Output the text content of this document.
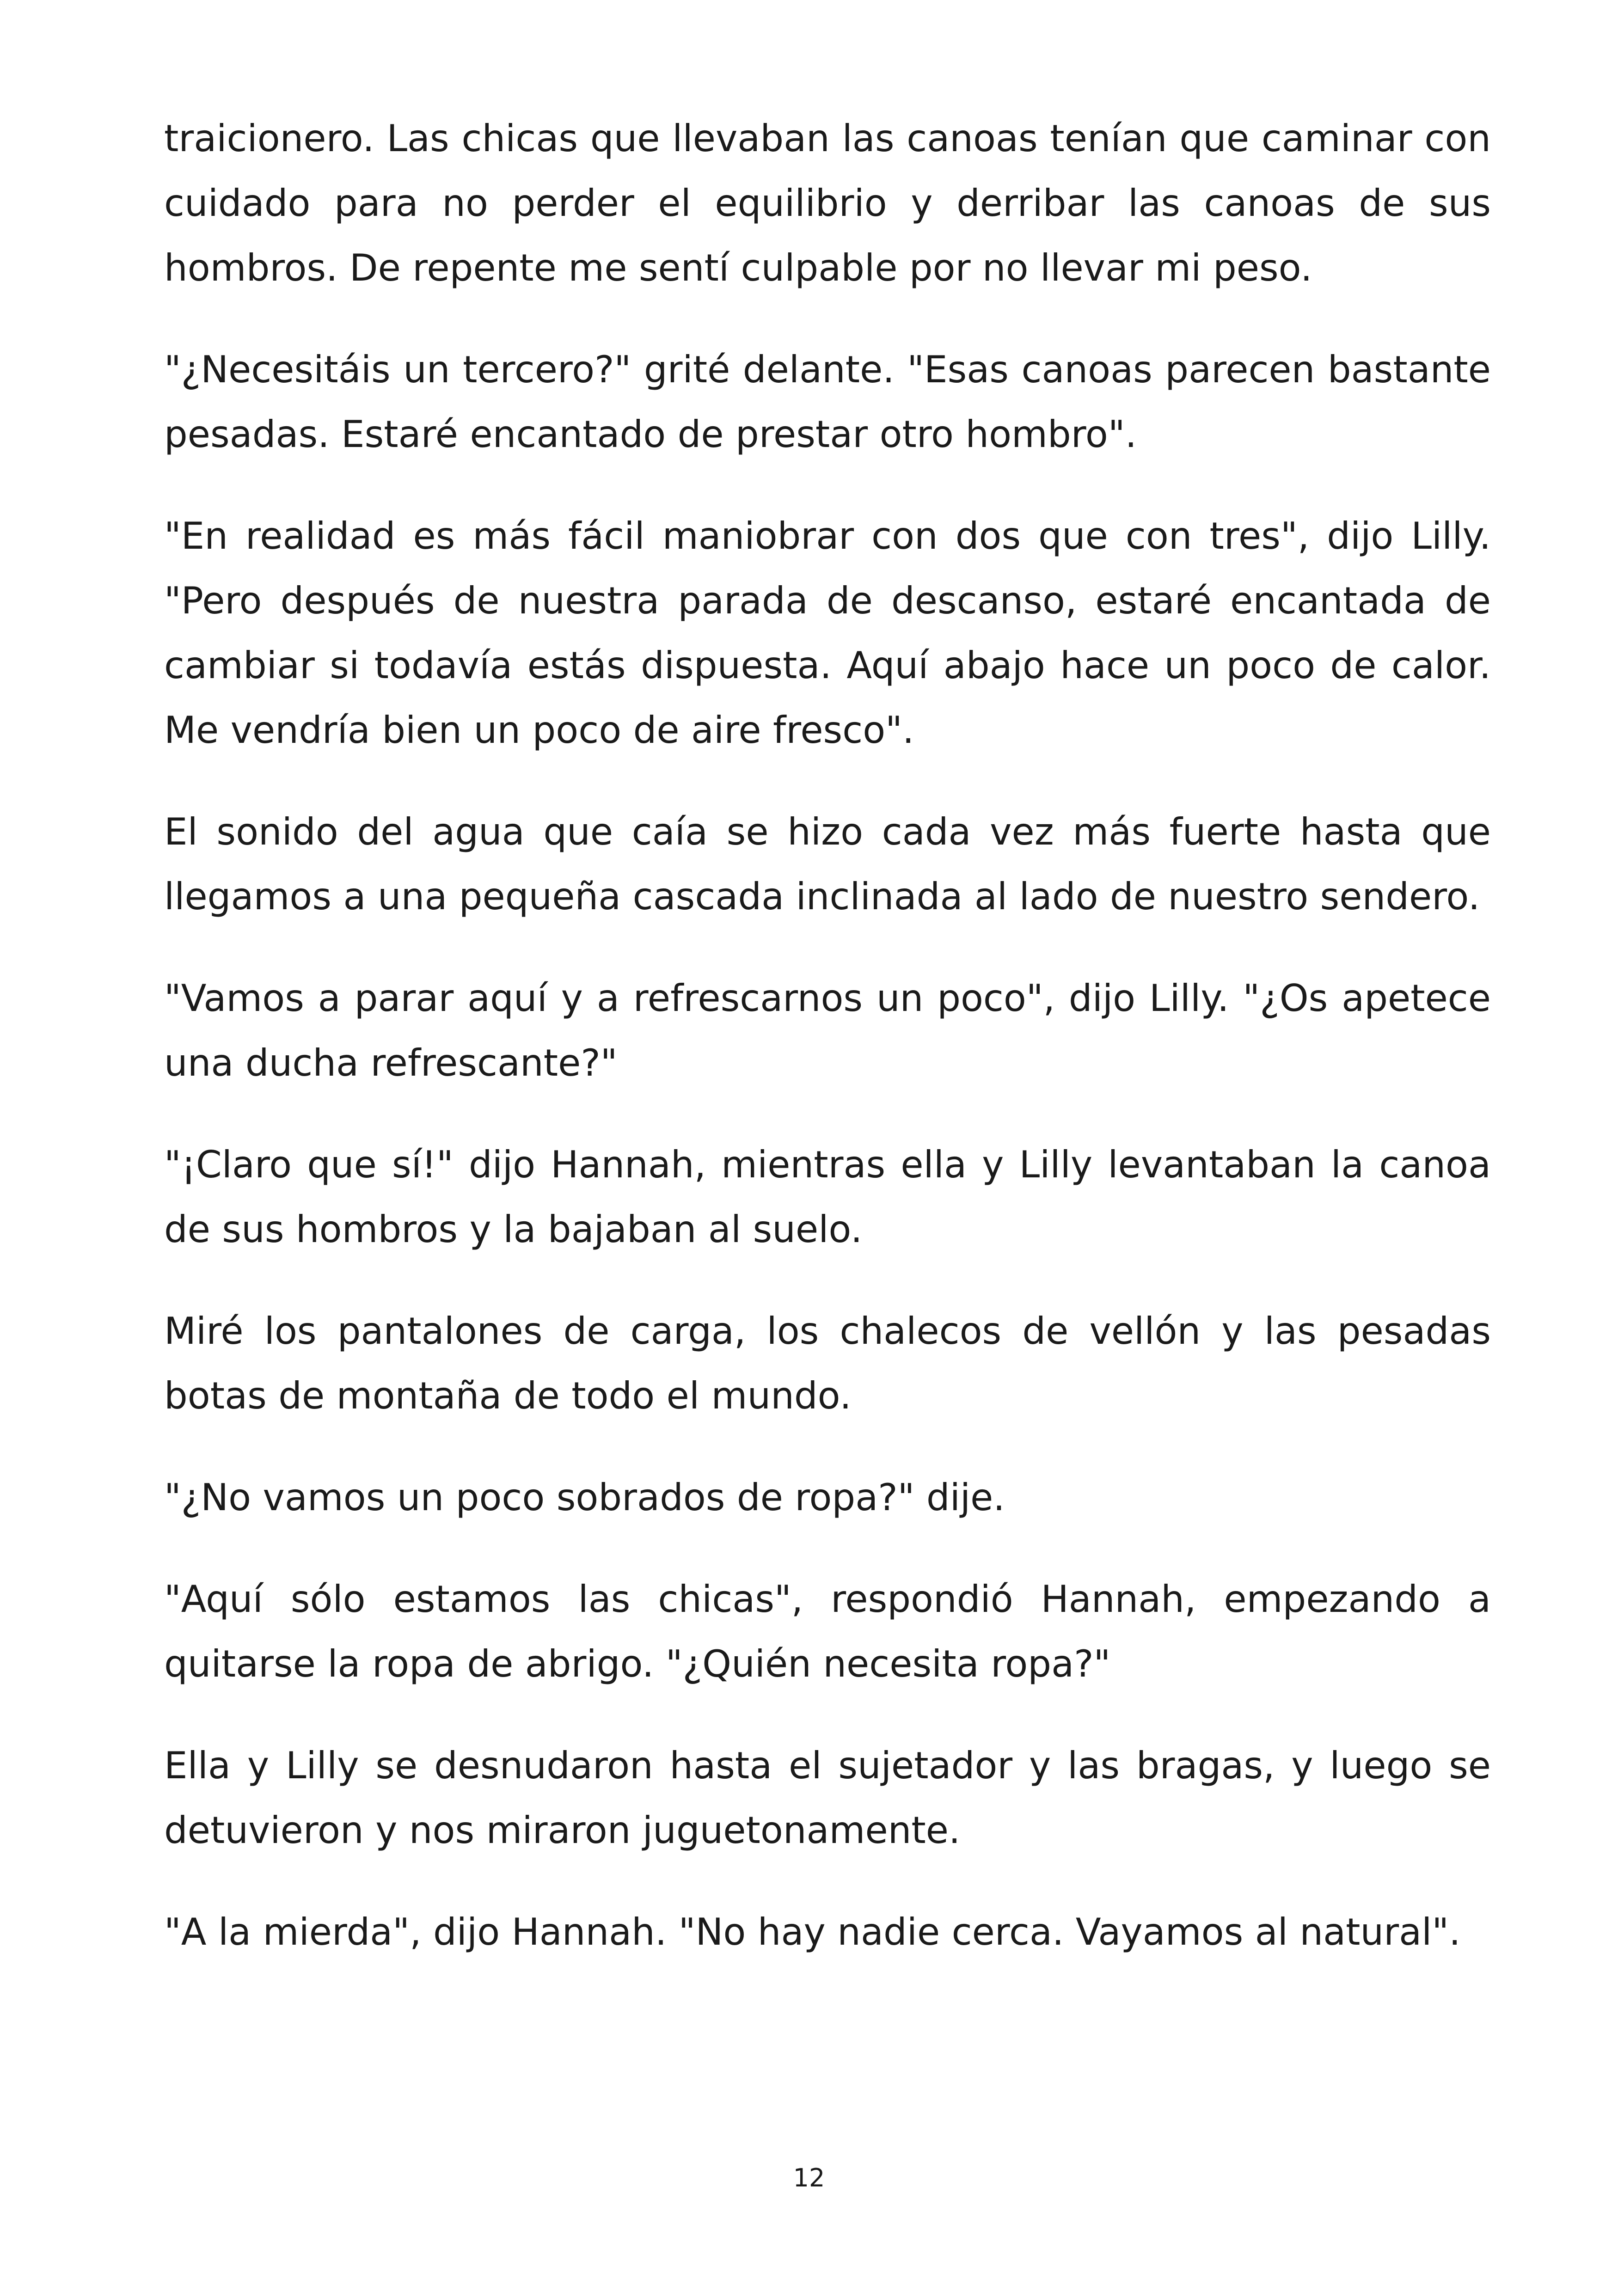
traicionero. Las chicas que llevaban las canoas tenían que caminar con cuidado para no perder el equilibrio y derribar las canoas de sus hombros. De repente me sentí culpable por no llevar mi peso.

"¿Necesitáis un tercero?" grité delante. "Esas canoas parecen bastante pesadas. Estaré encantado de prestar otro hombro".

"En realidad es más fácil maniobrar con dos que con tres", dijo Lilly. "Pero después de nuestra parada de descanso, estaré encantada de cambiar si todavía estás dispuesta. Aquí abajo hace un poco de calor. Me vendría bien un poco de aire fresco".

El sonido del agua que caía se hizo cada vez más fuerte hasta que llegamos a una pequeña cascada inclinada al lado de nuestro sendero.

"Vamos a parar aquí y a refrescarnos un poco", dijo Lilly. "¿Os apetece una ducha refrescante?"

"¡Claro que sí!" dijo Hannah, mientras ella y Lilly levantaban la canoa de sus hombros y la bajaban al suelo.

Miré los pantalones de carga, los chalecos de vellón y las pesadas botas de montaña de todo el mundo.

"¿No vamos un poco sobrados de ropa?" dije.

"Aquí sólo estamos las chicas", respondió Hannah, empezando a quitarse la ropa de abrigo. "¿Quién necesita ropa?"

Ella y Lilly se desnudaron hasta el sujetador y las bragas, y luego se detuvieron y nos miraron juguetonamente.

"A la mierda", dijo Hannah. "No hay nadie cerca. Vayamos al natural".

12
